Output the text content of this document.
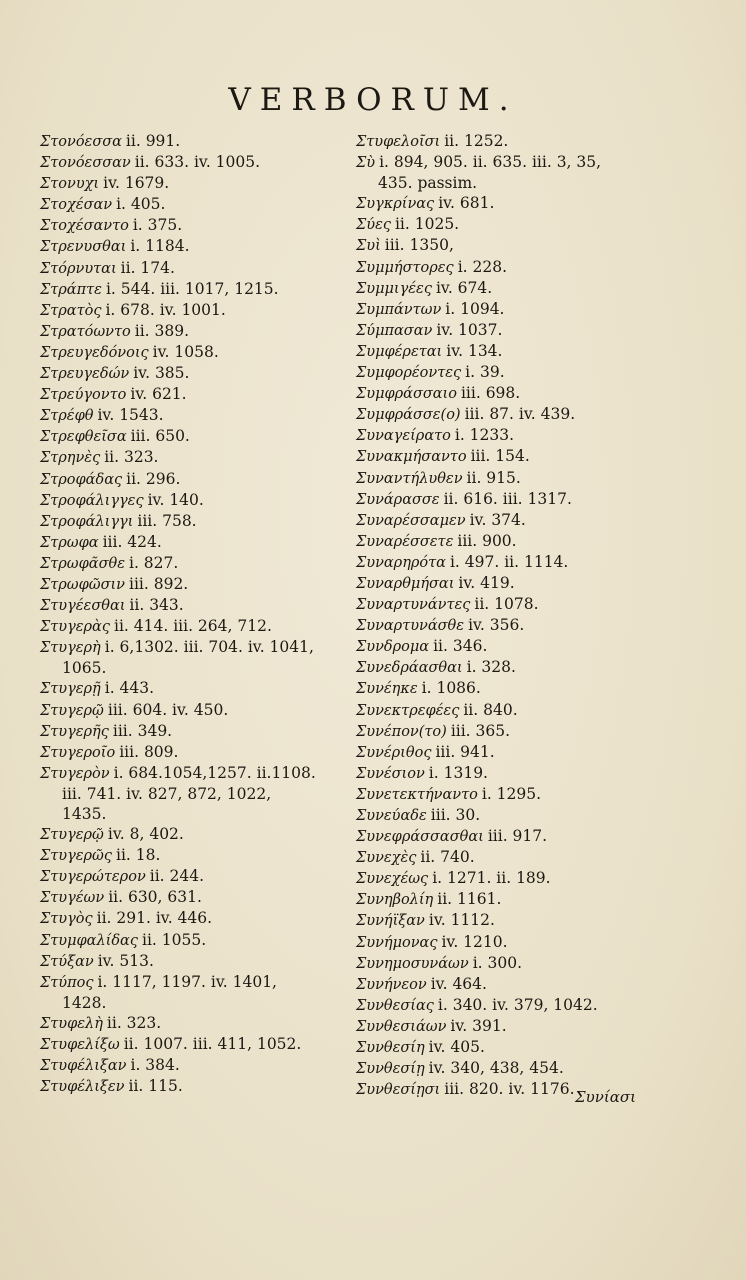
VERBORUM.
Στονόεσσα ii. 991.
Στονόεσσαν ii. 633. iv. 1005.
Στονυχι iv. 1679.
Στοχέσαν i. 405.
Στοχέσαντο i. 375.
Στρενυσθαι i. 1184.
Στόρνυται ii. 174.
Στράπτε i. 544. iii. 1017, 1215.
Στρατὸς i. 678. iv. 1001.
Στρατόωντο ii. 389.
Στρευγεδόνοις iv. 1058.
Στρευγεδών iv. 385.
Στρεύγοντο iv. 621.
Στρέφθ iv. 1543.
Στρεφθεῖσα iii. 650.
Στρηνὲς ii. 323.
Στροφάδας ii. 296.
Στροφάλιγγες iv. 140.
Στροφάλιγγι iii. 758.
Στρωφα iii. 424.
Στρωφᾶσθε i. 827.
Στρωφῶσιν iii. 892.
Στυγέεσθαι ii. 343.
Στυγερὰς ii. 414. iii. 264, 712.
Στυγερὴ i. 6,1302. iii. 704. iv. 1041,
1065.
Στυγερῇ i. 443.
Στυγερῷ iii. 604. iv. 450.
Στυγερῆς iii. 349.
Στυγεροῖο iii. 809.
Στυγερὸν i. 684.1054,1257. ii.1108.
iii. 741. iv. 827, 872, 1022,
1435.
Στυγερῷ iv. 8, 402.
Στυγερῶς ii. 18.
Στυγερώτερον ii. 244.
Στυγέων ii. 630, 631.
Στυγὸς ii. 291. iv. 446.
Στυμφαλίδας ii. 1055.
Στύξαν iv. 513.
Στύπος i. 1117, 1197. iv. 1401,
1428.
Στυφελὴ ii. 323.
Στυφελίξω ii. 1007. iii. 411, 1052.
Στυφέλιξαν i. 384.
Στυφέλιξεν ii. 115.
Στυφελοῖσι ii. 1252.
Σὺ i. 894, 905. ii. 635. iii. 3, 35,
435. passim.
Συγκρίνας iv. 681.
Σύες ii. 1025.
Συὶ iii. 1350,
Συμμήστορες i. 228.
Συμμιγέες iv. 674.
Συμπάντων i. 1094.
Σύμπασαν iv. 1037.
Συμφέρεται iv. 134.
Συμφορέοντες i. 39.
Συμφράσσαιο iii. 698.
Συμφράσσε(ο) iii. 87. iv. 439.
Συναγείρατο i. 1233.
Συνακμήσαντο iii. 154.
Συναντήλυθεν ii. 915.
Συνάρασσε ii. 616. iii. 1317.
Συναρέσσαμεν iv. 374.
Συναρέσσετε iii. 900.
Συναρηρότα i. 497. ii. 1114.
Συναρθμήσαι iv. 419.
Συναρτυνάντες ii. 1078.
Συναρτυνάσθε iv. 356.
Συνδρομα ii. 346.
Συνεδράασθαι i. 328.
Συνέηκε i. 1086.
Συνεκτρεφέες ii. 840.
Συνέπον(το) iii. 365.
Συνέριθος iii. 941.
Συνέσιον i. 1319.
Συνετεκτήναντο i. 1295.
Συνεύαδε iii. 30.
Συνεφράσσασθαι iii. 917.
Συνεχὲς ii. 740.
Συνεχέως i. 1271. ii. 189.
Συνηβολίη ii. 1161.
Συνήϊξαν iv. 1112.
Συνήμονας iv. 1210.
Συνημοσυνάων i. 300.
Συνήνεον iv. 464.
Συνθεσίας i. 340. iv. 379, 1042.
Συνθεσιάων iv. 391.
Συνθεσίη iv. 405.
Συνθεσίῃ iv. 340, 438, 454.
Συνθεσίῃσι iii. 820. iv. 1176. Συνίασι
